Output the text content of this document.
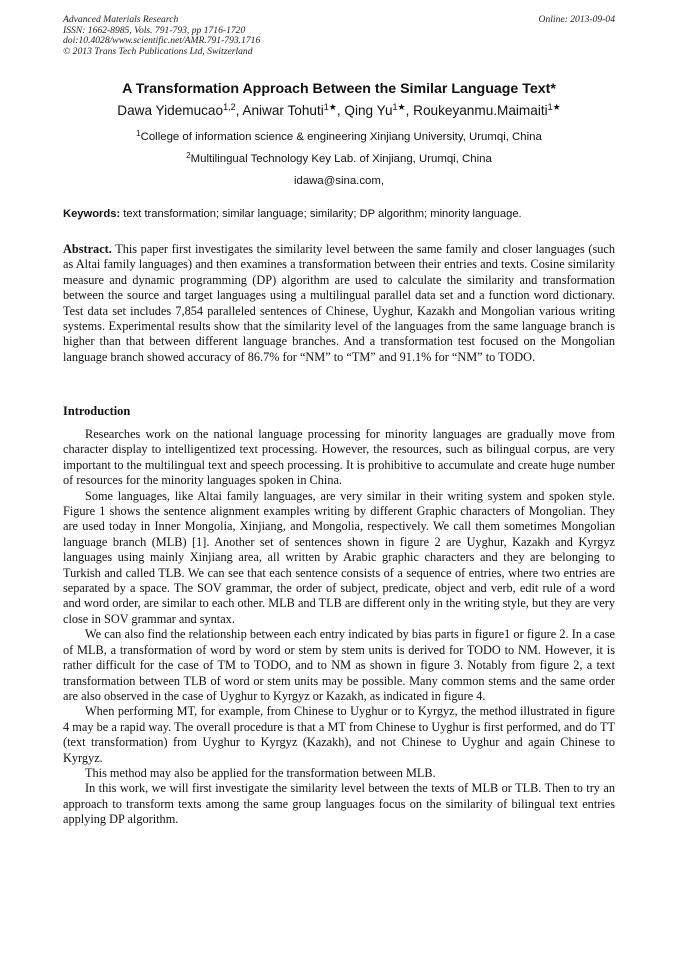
Advanced Materials Research
ISSN: 1662-8985, Vols. 791-793, pp 1716-1720
doi:10.4028/www.scientific.net/AMR.791-793.1716
© 2013 Trans Tech Publications Ltd, Switzerland
Online: 2013-09-04
A Transformation Approach Between the Similar Language Text*
Dawa Yidemucao$^{1,2}$, Aniwar Tohuti$^{1★}$, Qing $Yu^{1★}$, Roukeyanmu.Maimaiti$^{1★}$
$^1$College of information science & engineering Xinjiang University, Urumqi, China
$^2$Multilingual Technology Key Lab. of Xinjiang, Urumqi, China
idawa@sina.com,
Keywords: text transformation; similar language; similarity; DP algorithm; minority language.

Abstract. This paper first investigates the similarity level between the same family and closer languages (such as Altai family languages) and then examines a transformation between their entries and texts. Cosine similarity measure and dynamic programming (DP) algorithm are used to calculate the similarity and transformation between the source and target languages using a multilingual parallel data set and a function word dictionary. Test data set includes 7,854 paralleled sentences of Chinese, Uyghur, Kazakh and Mongolian various writing systems. Experimental results show that the similarity level of the languages from the same language branch is higher than that between different language branches. And a transformation test focused on the Mongolian language branch showed accuracy of 86.7% for “NM” to “TM” and 91.1% for “NM” to TODO.

Introduction

Researches work on the national language processing for minority languages are gradually move from character display to intelligentized text processing. However, the resources, such as bilingual corpus, are very important to the multilingual text and speech processing. It is prohibitive to accumulate and create huge number of resources for the minority languages spoken in China.

Some languages, like Altai family languages, are very similar in their writing system and spoken style. Figure 1 shows the sentence alignment examples writing by different Graphic characters of Mongolian. They are used today in Inner Mongolia, Xinjiang, and Mongolia, respectively. We call them sometimes Mongolian language branch (MLB) [1]. Another set of sentences shown in figure 2 are Uyghur, Kazakh and Kyrgyz languages using mainly Xinjiang area, all written by Arabic graphic characters and they are belonging to Turkish and called TLB. We can see that each sentence consists of a sequence of entries, where two entries are separated by a space. The SOV grammar, the order of subject, predicate, object and verb, edit rule of a word and word order, are similar to each other. MLB and TLB are different only in the writing style, but they are very close in SOV grammar and syntax.

We can also find the relationship between each entry indicated by bias parts in figure1 or figure 2. In a case of MLB, a transformation of word by word or stem by stem units is derived for TODO to NM. However, it is rather difficult for the case of TM to TODO, and to NM as shown in figure 3. Notably from figure 2, a text transformation between TLB of word or stem units may be possible. Many common stems and the same order are also observed in the case of Uyghur to Kyrgyz or Kazakh, as indicated in figure 4.

When performing MT, for example, from Chinese to Uyghur or to Kyrgyz, the method illustrated in figure 4 may be a rapid way. The overall procedure is that a MT from Chinese to Uyghur is first performed, and do TT (text transformation) from Uyghur to Kyrgyz (Kazakh), and not Chinese to Uyghur and again Chinese to Kyrgyz.

This method may also be applied for the transformation between MLB.

In this work, we will first investigate the similarity level between the texts of MLB or TLB. Then to try an approach to transform texts among the same group languages focus on the similarity of bilingual text entries applying DP algorithm.
